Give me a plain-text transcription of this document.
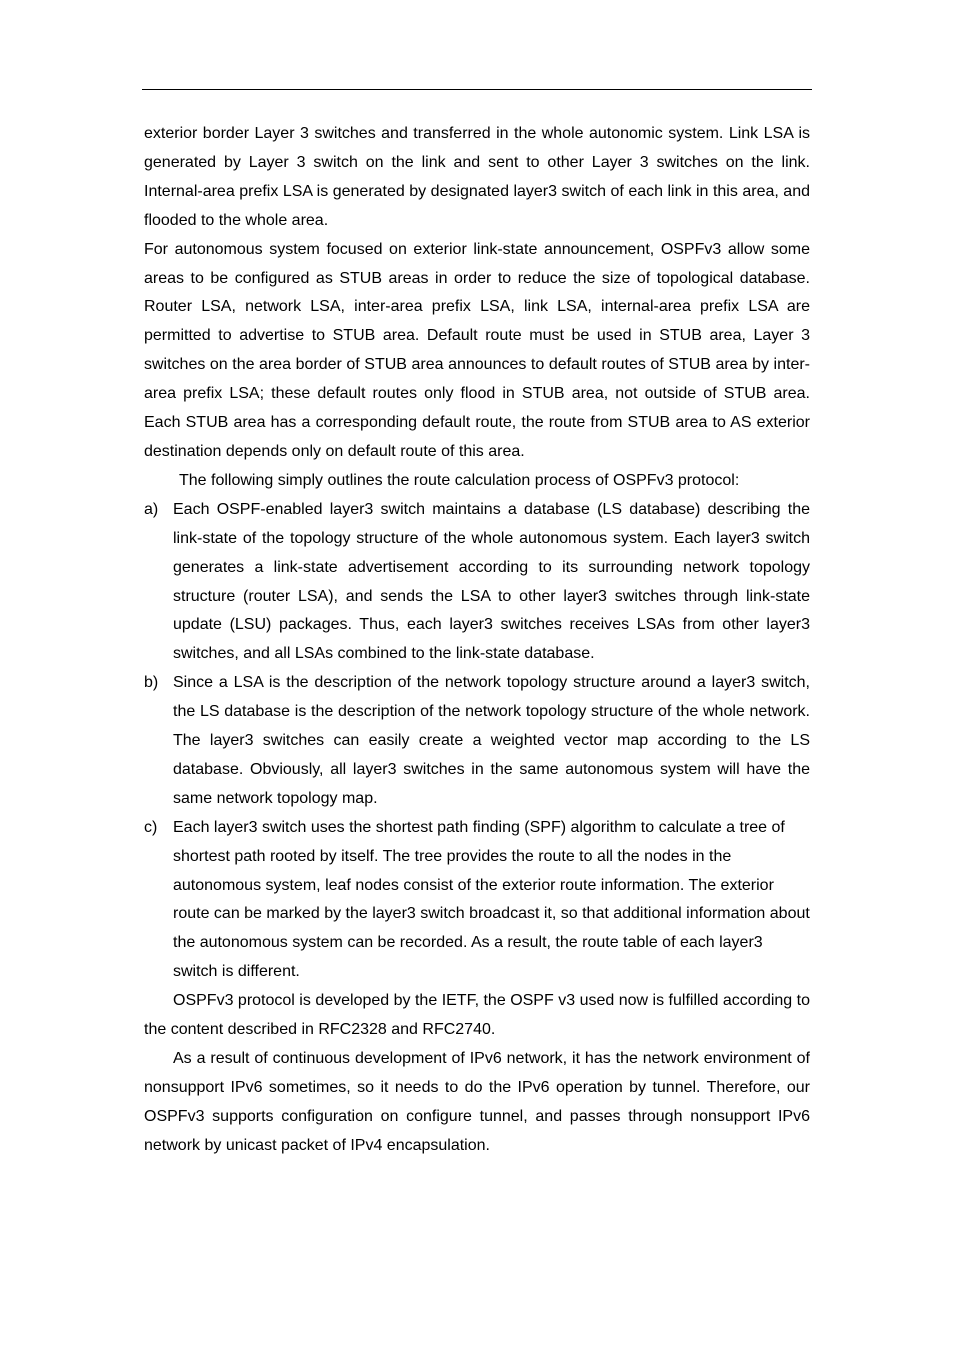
exterior border Layer 3 switches and transferred in the whole autonomic system. Link LSA is generated by Layer 3 switch on the link and sent to other Layer 3 switches on the link. Internal-area prefix LSA is generated by designated layer3 switch of each link in this area, and flooded to the whole area.

For autonomous system focused on exterior link-state announcement, OSPFv3 allow some areas to be configured as STUB areas in order to reduce the size of topological database. Router LSA, network LSA, inter-area prefix LSA, link LSA, internal-area prefix LSA are permitted to advertise to STUB area. Default route must be used in STUB area, Layer 3 switches on the area border of STUB area announces to default routes of STUB area by inter-area prefix LSA; these default routes only flood in STUB area, not outside of STUB area. Each STUB area has a corresponding default route, the route from STUB area to AS exterior destination depends only on default route of this area.

The following simply outlines the route calculation process of OSPFv3 protocol:

a) Each OSPF-enabled layer3 switch maintains a database (LS database) describing the link-state of the topology structure of the whole autonomous system. Each layer3 switch generates a link-state advertisement according to its surrounding network topology structure (router LSA), and sends the LSA to other layer3 switches through link-state update (LSU) packages. Thus, each layer3 switches receives LSAs from other layer3 switches, and all LSAs combined to the link-state database.
b) Since a LSA is the description of the network topology structure around a layer3 switch, the LS database is the description of the network topology structure of the whole network. The layer3 switches can easily create a weighted vector map according to the LS database. Obviously, all layer3 switches in the same autonomous system will have the same network topology map.
c) Each layer3 switch uses the shortest path finding (SPF) algorithm to calculate a tree of shortest path rooted by itself. The tree provides the route to all the nodes in the autonomous system, leaf nodes consist of the exterior route information. The exterior route can be marked by the layer3 switch broadcast it, so that additional information about the autonomous system can be recorded. As a result, the route table of each layer3 switch is different.

OSPFv3 protocol is developed by the IETF, the OSPF v3 used now is fulfilled according to the content described in RFC2328 and RFC2740.

As a result of continuous development of IPv6 network, it has the network environment of nonsupport IPv6 sometimes, so it needs to do the IPv6 operation by tunnel. Therefore, our OSPFv3 supports configuration on configure tunnel, and passes through nonsupport IPv6 network by unicast packet of IPv4 encapsulation.
